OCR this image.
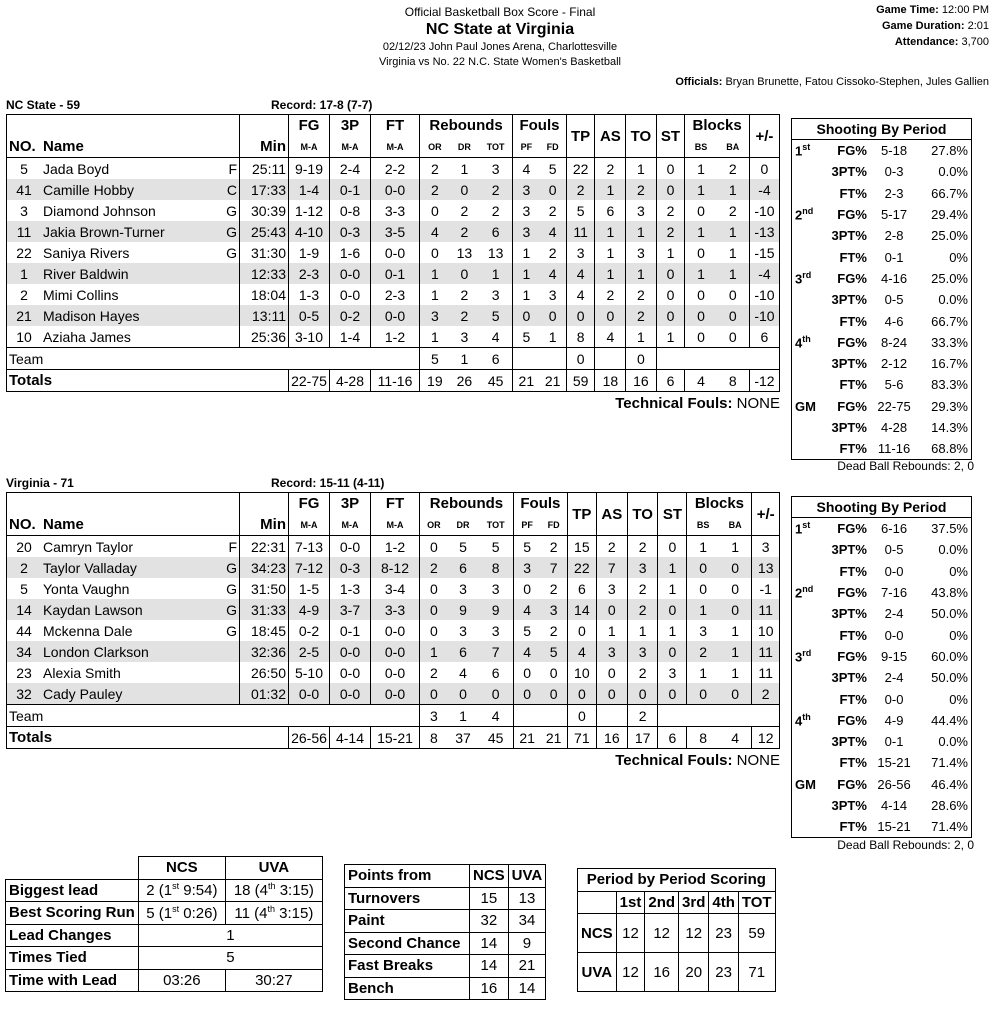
Official Basketball Box Score - Final
NC State at Virginia
02/12/23 John Paul Jones Arena, Charlottesville
Virginia vs No. 22 N.C. State Women's Basketball
Game Time: 12:00 PM
Game Duration: 2:01
Attendance: 3,700
Officials: Bryan Brunette, Fatou Cissoko-Stephen, Jules Gallien
NC State - 59	Record: 17-8 (7-7)
			FG	3P	FT	Rebounds			Fouls		TP	AS	TO	ST	Blocks		+/-
NO.	Name	Min	M-A	M-A	M-A	OR	DR	TOT	PF	FD					BS	BA	
5	Jada Boyd F	25:11	9-19	2-4	2-2	2	1	3	4	5	22	2	1	0	1	2	0
41	Camille Hobby C	17:33	1-4	0-1	0-0	2	0	2	3	0	2	1	2	0	1	1	-4
3	Diamond Johnson G	30:39	1-12	0-8	3-3	0	2	2	3	2	5	6	3	2	0	2	-10
11	Jakia Brown-Turner G	25:43	4-10	0-3	3-5	4	2	6	3	4	11	1	1	2	1	1	-13
22	Saniya Rivers G	31:30	1-9	1-6	0-0	0	13	13	1	2	3	1	3	1	0	1	-15
1	River Baldwin	12:33	2-3	0-0	0-1	1	0	1	1	4	4	1	1	0	1	1	-4
2	Mimi Collins	18:04	1-3	0-0	2-3	1	2	3	1	3	4	2	2	0	0	0	-10
21	Madison Hayes	13:11	0-5	0-2	0-0	3	2	5	0	0	0	0	2	0	0	0	-10
10	Aziaha James	25:36	3-10	1-4	1-2	1	3	4	5	1	8	4	1	1	0	0	6
Team						5	1	6			0		0				
Totals			22-75	4-28	11-16	19	26	45	21	21	59	18	16	6	4	8	-12
Technical Fouls: NONE
Virginia - 71	Record: 15-11 (4-11)
			FG	3P	FT	Rebounds			Fouls		TP	AS	TO	ST	Blocks		+/-
NO.	Name	Min	M-A	M-A	M-A	OR	DR	TOT	PF	FD					BS	BA	
20	Camryn Taylor F	22:31	7-13	0-0	1-2	0	5	5	5	2	15	2	2	0	1	1	3
2	Taylor Valladay G	34:23	7-12	0-3	8-12	2	6	8	3	7	22	7	3	1	0	0	13
5	Yonta Vaughn G	31:50	1-5	1-3	3-4	0	3	3	0	2	6	3	2	1	0	0	-1
14	Kaydan Lawson G	31:33	4-9	3-7	3-3	0	9	9	4	3	14	0	2	0	1	0	11
44	Mckenna Dale G	18:45	0-2	0-1	0-0	0	3	3	5	2	0	1	1	1	3	1	10
34	London Clarkson	32:36	2-5	0-0	0-0	1	6	7	4	5	4	3	3	0	2	1	11
23	Alexia Smith	26:50	5-10	0-0	0-0	2	4	6	0	0	10	0	2	3	1	1	11
32	Cady Pauley	01:32	0-0	0-0	0-0	0	0	0	0	0	0	0	0	0	0	0	2
Team						3	1	4			0		2				
Totals			26-56	4-14	15-21	8	37	45	21	21	71	16	17	6	8	4	12
Technical Fouls: NONE
Shooting By Period
1st	FG%	5-18	27.8%
	3PT%	0-3	0.0%
	FT%	2-3	66.7%
2nd	FG%	5-17	29.4%
	3PT%	2-8	25.0%
	FT%	0-1	0%
3rd	FG%	4-16	25.0%
	3PT%	0-5	0.0%
	FT%	4-6	66.7%
4th	FG%	8-24	33.3%
	3PT%	2-12	16.7%
	FT%	5-6	83.3%
GM	FG%	22-75	29.3%
	3PT%	4-28	14.3%
	FT%	11-16	68.8%
Shooting By Period
1st	FG%	6-16	37.5%
	3PT%	0-5	0.0%
	FT%	0-0	0%
2nd	FG%	7-16	43.8%
	3PT%	2-4	50.0%
	FT%	0-0	0%
3rd	FG%	9-15	60.0%
	3PT%	2-4	50.0%
	FT%	0-0	0%
4th	FG%	4-9	44.4%
	3PT%	0-1	0.0%
	FT%	15-21	71.4%
GM	FG%	26-56	46.4%
	3PT%	4-14	28.6%
	FT%	15-21	71.4%
Dead Ball Rebounds: 2, 0
Dead Ball Rebounds: 2, 0
	NCS	UVA
Biggest lead	2 (1st 9:54)	18 (4th 3:15)
Best Scoring Run	5 (1st 0:26)	11 (4th 3:15)
Lead Changes	1	
Times Tied	5	
Time with Lead	03:26	30:27
Points from	NCS	UVA
Turnovers	15	13
Paint	32	34
Second Chance	14	9
Fast Breaks	14	21
Bench	16	14
Period by Period Scoring					
	1st	2nd	3rd	4th	TOT
NCS	12	12	12	23	59
UVA	12	16	20	23	71
